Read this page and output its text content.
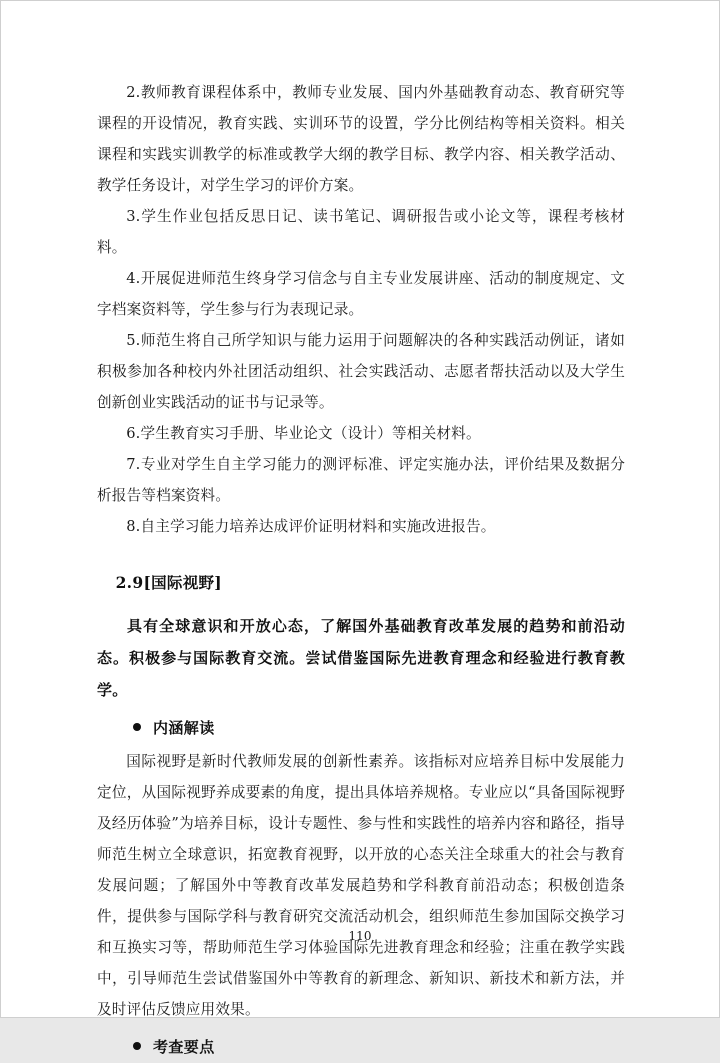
2.教师教育课程体系中，教师专业发展、国内外基础教育动态、教育研究等课程的开设情况，教育实践、实训环节的设置，学分比例结构等相关资料。相关课程和实践实训教学的标准或教学大纲的教学目标、教学内容、相关教学活动、教学任务设计，对学生学习的评价方案。

3.学生作业包括反思日记、读书笔记、调研报告或小论文等，课程考核材料。

4.开展促进师范生终身学习信念与自主专业发展讲座、活动的制度规定、文字档案资料等，学生参与行为表现记录。

5.师范生将自己所学知识与能力运用于问题解决的各种实践活动例证，诸如积极参加各种校内外社团活动组织、社会实践活动、志愿者帮扶活动以及大学生创新创业实践活动的证书与记录等。

6.学生教育实习手册、毕业论文（设计）等相关材料。

7.专业对学生自主学习能力的测评标准、评定实施办法，评价结果及数据分析报告等档案资料。

8.自主学习能力培养达成评价证明材料和实施改进报告。

2.9[国际视野]
具有全球意识和开放心态，了解国外基础教育改革发展的趋势和前沿动态。积极参与国际教育交流。尝试借鉴国际先进教育理念和经验进行教育教学。
内涵解读

国际视野是新时代教师发展的创新性素养。该指标对应培养目标中发展能力定位，从国际视野养成要素的角度，提出具体培养规格。专业应以“具备国际视野及经历体验”为培养目标，设计专题性、参与性和实践性的培养内容和路径，指导师范生树立全球意识，拓宽教育视野，以开放的心态关注全球重大的社会与教育发展问题；了解国外中等教育改革发展趋势和学科教育前沿动态；积极创造条件，提供参与国际学科与教育研究交流活动机会，组织师范生参加国际交换学习和互换实习等，帮助师范生学习体验国际先进教育理念和经验；注重在教学实践中，引导师范生尝试借鉴国外中等教育的新理念、新知识、新技术和新方法，并及时评估反馈应用效果。

考查要点
110
